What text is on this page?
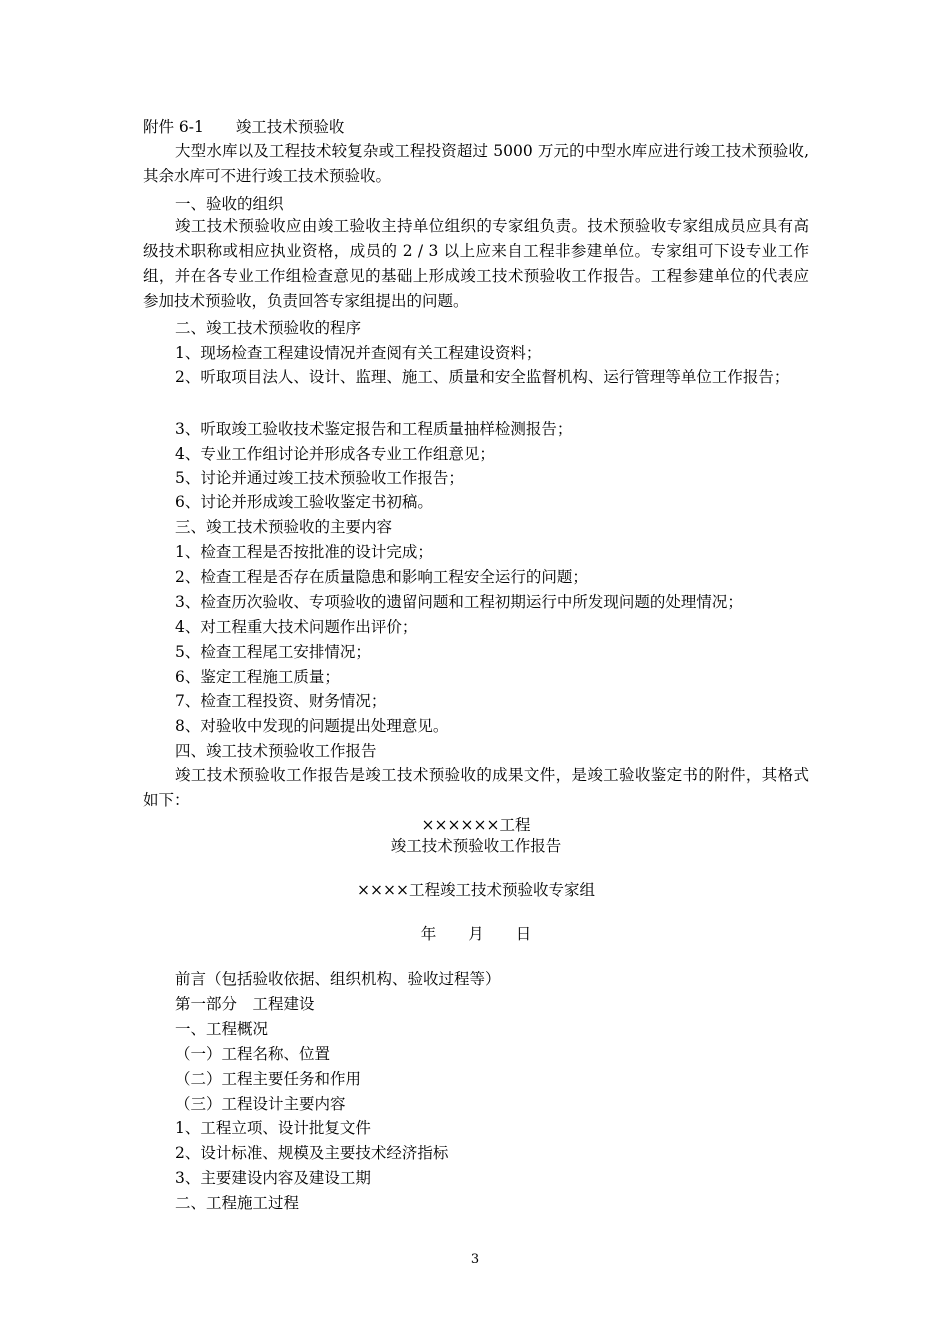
附件 6-1 竣工技术预验收
大型水库以及工程技术较复杂或工程投资超过 5000 万元的中型水库应进行竣工技术预验收,其余水库可不进行竣工技术预验收。
一、验收的组织
竣工技术预验收应由竣工验收主持单位组织的专家组负责。技术预验收专家组成员应具有高级技术职称或相应执业资格，成员的 2 / 3 以上应来自工程非参建单位。专家组可下设专业工作组，并在各专业工作组检查意见的基础上形成竣工技术预验收工作报告。工程参建单位的代表应参加技术预验收，负责回答专家组提出的问题。
二、竣工技术预验收的程序
1、现场检查工程建设情况并查阅有关工程建设资料；
2、听取项目法人、设计、监理、施工、质量和安全监督机构、运行管理等单位工作报告；
3、听取竣工验收技术鉴定报告和工程质量抽样检测报告；
4、专业工作组讨论并形成各专业工作组意见；
5、讨论并通过竣工技术预验收工作报告；
6、讨论并形成竣工验收鉴定书初稿。
三、竣工技术预验收的主要内容
1、检查工程是否按批准的设计完成；
2、检查工程是否存在质量隐患和影响工程安全运行的问题；
3、检查历次验收、专项验收的遗留问题和工程初期运行中所发现问题的处理情况；
4、对工程重大技术问题作出评价；
5、检查工程尾工安排情况；
6、鉴定工程施工质量；
7、检查工程投资、财务情况；
8、对验收中发现的问题提出处理意见。
四、竣工技术预验收工作报告
竣工技术预验收工作报告是竣工技术预验收的成果文件，是竣工验收鉴定书的附件，其格式如下：
××××××工程
竣工技术预验收工作报告
××××工程竣工技术预验收专家组
年 月 日
前言（包括验收依据、组织机构、验收过程等）
第一部分　工程建设
一、工程概况
（一）工程名称、位置
（二）工程主要任务和作用
（三）工程设计主要内容
1、工程立项、设计批复文件
2、设计标准、规模及主要技术经济指标
3、主要建设内容及建设工期
二、工程施工过程
3
